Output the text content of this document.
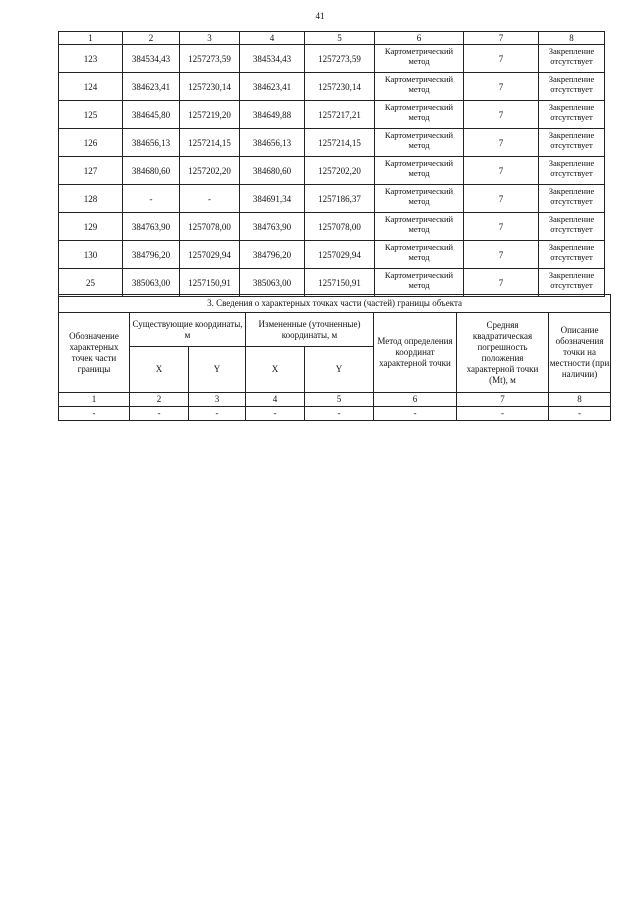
41
1	2	3	4	5	6	7	8
123	384534,43	1257273,59	384534,43	1257273,59	Картометрический метод	7	Закрепление отсутствует
124	384623,41	1257230,14	384623,41	1257230,14	Картометрический метод	7	Закрепление отсутствует
125	384645,80	1257219,20	384649,88	1257217,21	Картометрический метод	7	Закрепление отсутствует
126	384656,13	1257214,15	384656,13	1257214,15	Картометрический метод	7	Закрепление отсутствует
127	384680,60	1257202,20	384680,60	1257202,20	Картометрический метод	7	Закрепление отсутствует
128	-	-	384691,34	1257186,37	Картометрический метод	7	Закрепление отсутствует
129	384763,90	1257078,00	384763,90	1257078,00	Картометрический метод	7	Закрепление отсутствует
130	384796,20	1257029,94	384796,20	1257029,94	Картометрический метод	7	Закрепление отсутствует
25	385063,00	1257150,91	385063,00	1257150,91	Картометрический метод	7	Закрепление отсутствует
3. Сведения о характерных точках части (частей) границы объекта							
Обозначение характерных точек части границы	Существующие координаты, м		Измененные (уточненные) координаты, м		Метод определения координат характерной точки	Средняя квадратическая погрешность положения характерной точки (Mt), м	Описание обозначения точки на местности (при наличии)
	X	Y	X	Y			
1	2	3	4	5	6	7	8
-	-	-	-	-	-	-	-
